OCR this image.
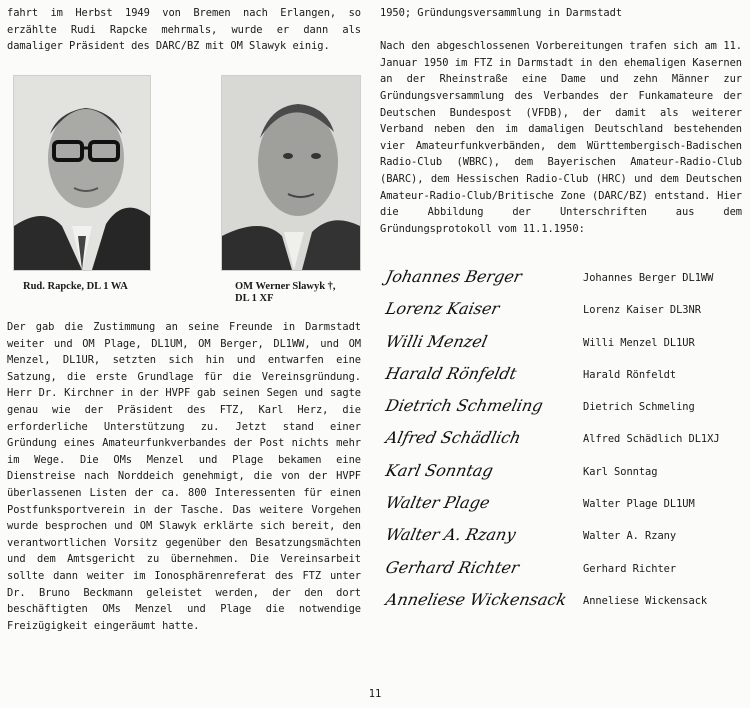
fahrt im Herbst 1949 von Bremen nach Erlangen, so erzählte Rudi Rapcke mehrmals, wurde er dann als damaliger Präsident des DARC/BZ mit OM Slawyk einig.
Rud. Rapcke, DL 1 WA	OM Werner Slawyk †,
DL 1 XF
Der gab die Zustimmung an seine Freunde in Darmstadt weiter und OM Plage, DL1UM, OM Berger, DL1WW, und OM Menzel, DL1UR, setzten sich hin und entwarfen eine Satzung, die erste Grundlage für die Vereinsgründung. Herr Dr. Kirchner in der HVPF gab seinen Segen und sagte genau wie der Präsident des FTZ, Karl Herz, die erforderliche Unterstützung zu. Jetzt stand einer Gründung eines Amateurfunkverbandes der Post nichts mehr im Wege. Die OMs Menzel und Plage bekamen eine Dienstreise nach Norddeich genehmigt, die von der HVPF überlassenen Listen der ca. 800 Interessenten für einen Postfunksportverein in der Tasche. Das weitere Vorgehen wurde besprochen und OM Slawyk erklärte sich bereit, den verantwortlichen Vorsitz gegenüber den Besatzungsmächten und dem Amtsgericht zu übernehmen. Die Vereinsarbeit sollte dann weiter im Ionosphärenreferat des FTZ unter Dr. Bruno Beckmann geleistet werden, der den dort beschäftigten OMs Menzel und Plage die notwendige Freizügigkeit eingeräumt hatte.
1950; Gründungsversammlung in Darmstadt
Nach den abgeschlossenen Vorbereitungen trafen sich am 11. Januar 1950 im FTZ in Darmstadt in den ehemaligen Kasernen an der Rheinstraße eine Dame und zehn Männer zur Gründungsversammlung des Verbandes der Funkamateure der Deutschen Bundespost (VFDB), der damit als weiterer Verband neben den im damaligen Deutschland bestehenden vier Amateurfunkverbänden, dem Württembergisch-Badischen Radio-Club (WBRC), dem Bayerischen Amateur-Radio-Club (BARC), dem Hessischen Radio-Club (HRC) und dem Deutschen Amateur-Radio-Club/Britische Zone (DARC/BZ) entstand. Hier die Abbildung der Unterschriften aus dem Gründungsprotokoll vom 11.1.1950:
Johannes Berger	Johannes Berger DL1WW
Lorenz Kaiser	Lorenz Kaiser DL3NR
Willi Menzel	Willi Menzel DL1UR
Harald Rönfeldt	Harald Rönfeldt
Dietrich Schmeling	Dietrich Schmeling
Alfred Schädlich	Alfred Schädlich DL1XJ
Karl Sonntag	Karl Sonntag
Walter Plage	Walter Plage DL1UM
Walter A. Rzany	Walter A. Rzany
Gerhard Richter	Gerhard Richter
Anneliese Wickensack	Anneliese Wickensack
11
